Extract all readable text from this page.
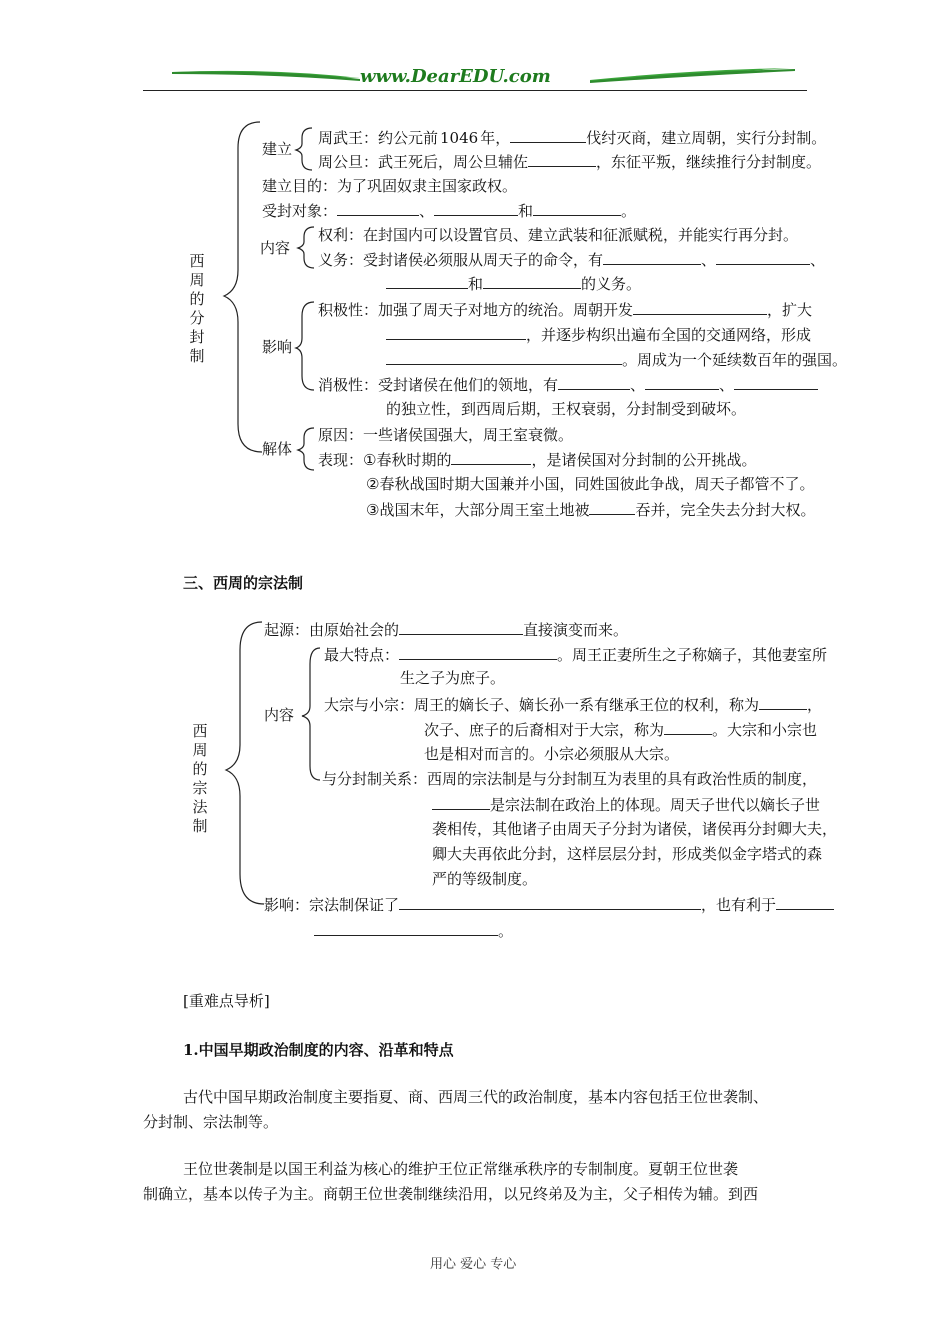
www.DearEDU.com
西周的分封制
建立
周武王：约公元前 1046 年，	伐纣灭商，建立周朝，实行分封制。
周公旦：武王死后，周公旦辅佐	，东征平叛，继续推行分封制度。
建立目的：为了巩固奴隶主国家政权。
受封对象：	、	和	。
内容
权利：在封国内可以设置官员、建立武装和征派赋税，并能实行再分封。
义务：受封诸侯必须服从周天子的命令，有	、	、
和	的义务。
影响
积极性：加强了周天子对地方的统治。周朝开发	，扩大
，并逐步构织出遍布全国的交通网络，形成
。周成为一个延续数百年的强国。
消极性：受封诸侯在他们的领地，有	、	、
的独立性，到西周后期，王权衰弱，分封制受到破坏。
解体
原因：一些诸侯国强大，周王室衰微。
表现：①春秋时期的	，是诸侯国对分封制的公开挑战。
②春秋战国时期大国兼并小国，同姓国彼此争战，周天子都管不了。
③战国末年，大部分周王室土地被	吞并，完全失去分封大权。
三、西周的宗法制
西周的宗法制
起源：由原始社会的	直接演变而来。
内容
最大特点：	。周王正妻所生之子称嫡子，其他妻室所
生之子为庶子。
大宗与小宗：周王的嫡长子、嫡长孙一系有继承王位的权利，称为	，
次子、庶子的后裔相对于大宗，称为	。大宗和小宗也
也是相对而言的。小宗必须服从大宗。
与分封制关系：西周的宗法制是与分封制互为表里的具有政治性质的制度，
是宗法制在政治上的体现。周天子世代以嫡长子世
袭相传，其他诸子由周天子分封为诸侯，诸侯再分封卿大夫，
卿大夫再依此分封，这样层层分封，形成类似金字塔式的森
严的等级制度。
影响：宗法制保证了	，也有利于
。
[重难点导析]
1.中国早期政治制度的内容、沿革和特点
古代中国早期政治制度主要指夏、商、西周三代的政治制度，基本内容包括王位世袭制、
分封制、宗法制等。
王位世袭制是以国王利益为核心的维护王位正常继承秩序的专制制度。夏朝王位世袭
制确立，基本以传子为主。商朝王位世袭制继续沿用，以兄终弟及为主，父子相传为辅。到西
用心 爱心 专心
